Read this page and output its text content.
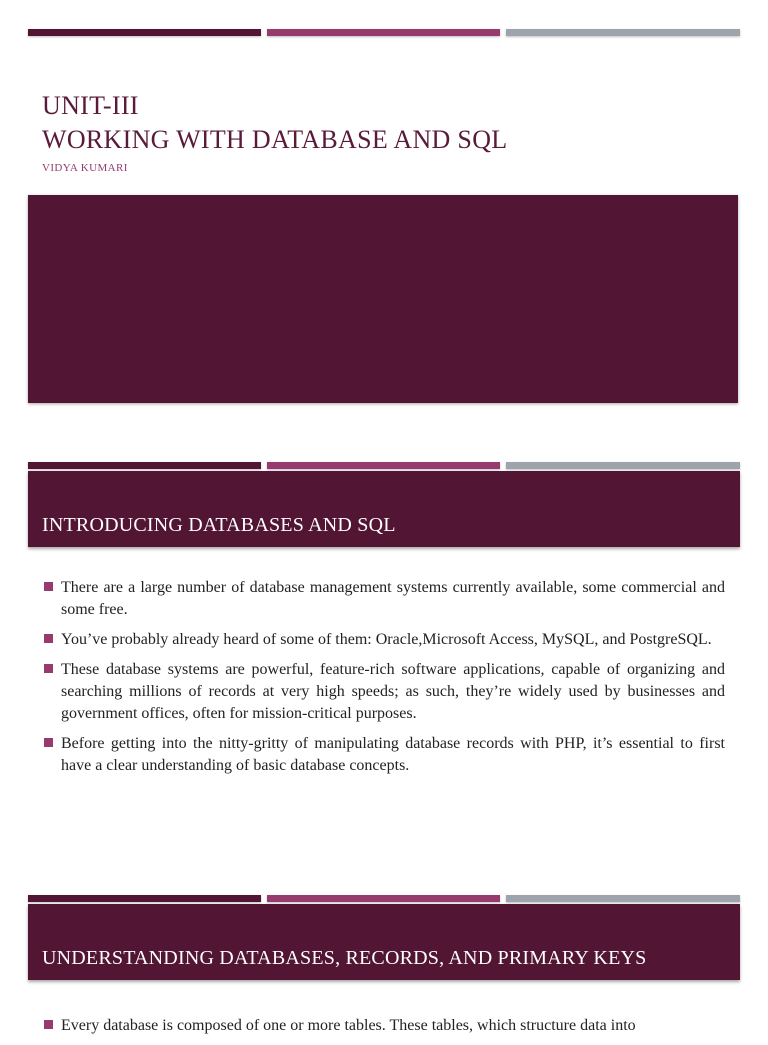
UNIT-III
WORKING WITH DATABASE AND SQL
VIDYA KUMARI
INTRODUCING DATABASES AND SQL
There are a large number of database management systems currently available, some commercial and some free.
You’ve probably already heard of some of them: Oracle,Microsoft Access, MySQL, and PostgreSQL.
These database systems are powerful, feature-rich software applications, capable of organizing and searching millions of records at very high speeds; as such, they’re widely used by businesses and government offices, often for mission-critical purposes.
Before getting into the nitty-gritty of manipulating database records with PHP, it’s essential to first have a clear understanding of basic database concepts.
UNDERSTANDING DATABASES, RECORDS, AND PRIMARY KEYS
Every database is composed of one or more tables. These tables, which structure data into
